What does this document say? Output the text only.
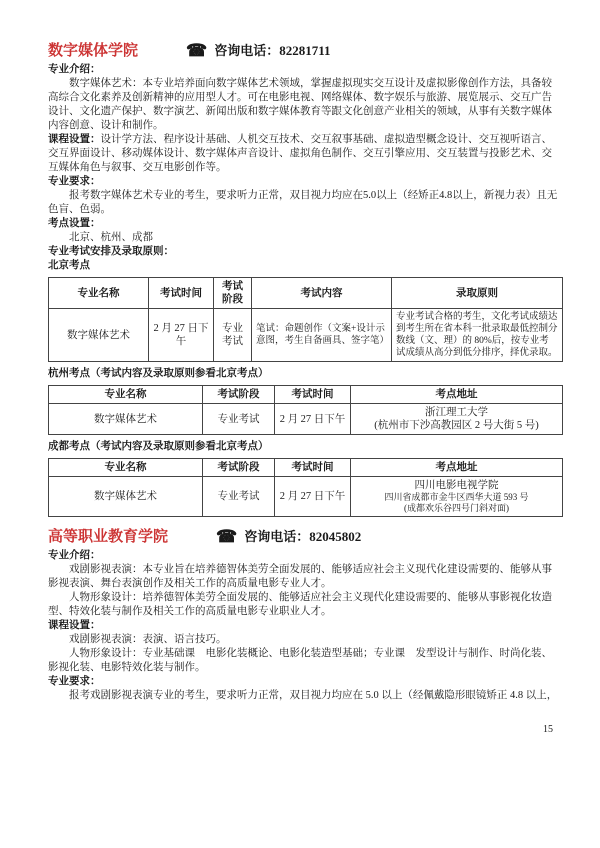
数字媒体学院	☎ 咨询电话：82281711

专业介绍：

数字媒体艺术：本专业培养面向数字媒体艺术领域，掌握虚拟现实交互设计及虚拟影像创作方法，具备较高综合文化素养及创新精神的应用型人才。可在电影电视、网络媒体、数字娱乐与旅游、展览展示、交互广告设计、文化遗产保护、数字演艺、新闻出版和数字媒体教育等跟文化创意产业相关的领域，从事有关数字媒体内容创意、设计和制作。

课程设置：设计学方法、程序设计基础、人机交互技术、交互叙事基础、虚拟造型概念设计、交互视听语言、交互界面设计、移动媒体设计、数字媒体声音设计、虚拟角色制作、交互引擎应用、交互装置与投影艺术、交互媒体角色与叙事、交互电影创作等。

专业要求：

报考数字媒体艺术专业的考生，要求听力正常，双目视力均应在5.0以上（经矫正4.8以上，新视力表）且无色盲、色弱。

考点设置：

北京、杭州、成都

专业考试安排及录取原则：

北京考点

专业名称	考试时间	考试阶段	考试内容	录取原则
数字媒体艺术	2 月 27 日下午	专业考试	笔试：命题创作（文案+设计示意图，考生自备画具、签字笔）	专业考试合格的考生，文化考试成绩达到考生所在省本科一批录取最低控制分数线（文、理）的 80%后，按专业考试成绩从高分到低分排序，择优录取。

杭州考点（考试内容及录取原则参看北京考点）

专业名称	考试阶段	考试时间	考点地址
数字媒体艺术	专业考试	2 月 27 日下午	浙江理工大学
(杭州市下沙高教园区 2 号大街 5 号)

成都考点（考试内容及录取原则参看北京考点）

专业名称	考试阶段	考试时间	考点地址
数字媒体艺术	专业考试	2 月 27 日下午	四川电影电视学院
四川省成都市金牛区西华大道 593 号
(成都欢乐谷四号门斜对面)
高等职业教育学院	☎ 咨询电话：82045802

专业介绍：

戏剧影视表演：本专业旨在培养德智体美劳全面发展的、能够适应社会主义现代化建设需要的、能够从事影视表演、舞台表演创作及相关工作的高质量电影专业人才。

人物形象设计：培养德智体美劳全面发展的、能够适应社会主义现代化建设需要的、能够从事影视化妆造型、特效化装与制作及相关工作的高质量电影专业职业人才。

课程设置：

戏剧影视表演：表演、语言技巧。

人物形象设计：专业基础课　电影化装概论、电影化装造型基础；专业课　发型设计与制作、时尚化装、影视化装、电影特效化装与制作。

专业要求：

报考戏剧影视表演专业的考生，要求听力正常，双目视力均应在 5.0 以上（经佩戴隐形眼镜矫正 4.8 以上，

15
